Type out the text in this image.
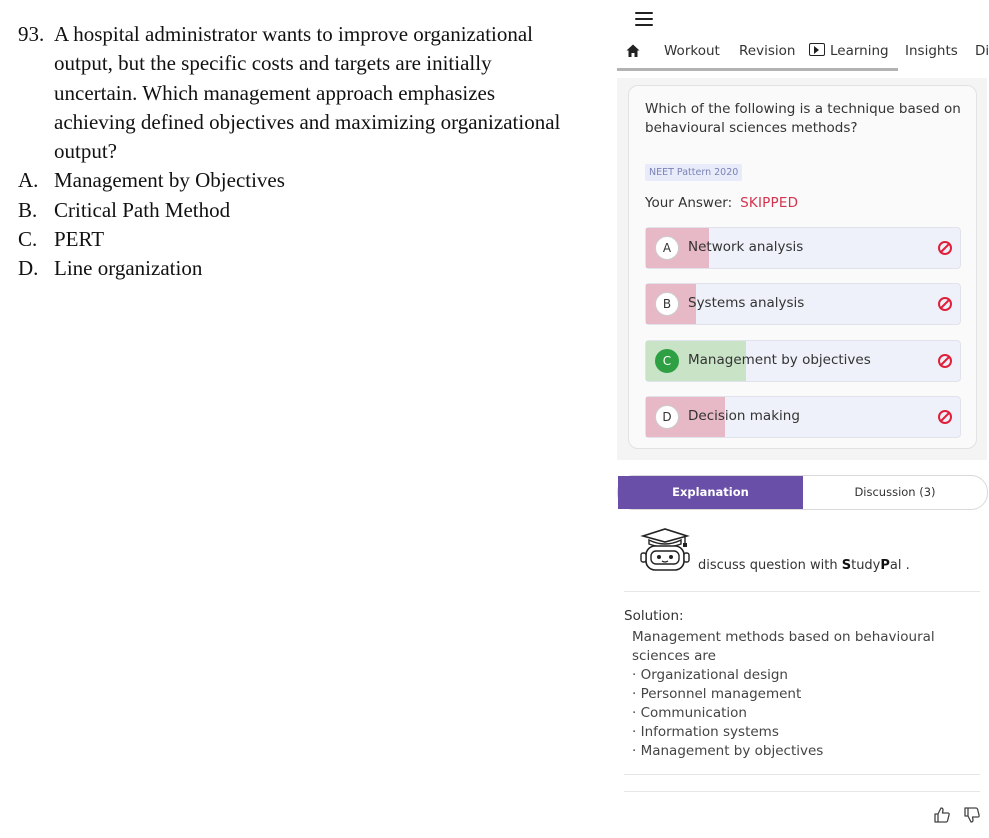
93. A hospital administrator wants to improve organizational output, but the specific costs and targets are initially uncertain. Which management approach emphasizes achieving defined objectives and maximizing organizational output?
A. Management by Objectives
B. Critical Path Method
C. PERT
D. Line organization
Workout Revision	Learning Insights Di
Which of the following is a technique based on behavioural sciences methods?
NEET Pattern 2020
Your Answer: SKIPPED
A	Network analysis
B	Systems analysis
C	Management by objectives
D	Decision making
Explanation	Discussion (3)
discuss question with StudyPal .
Solution:
Management methods based on behavioural sciences are
· Organizational design
· Personnel management
· Communication
· Information systems
· Management by objectives
